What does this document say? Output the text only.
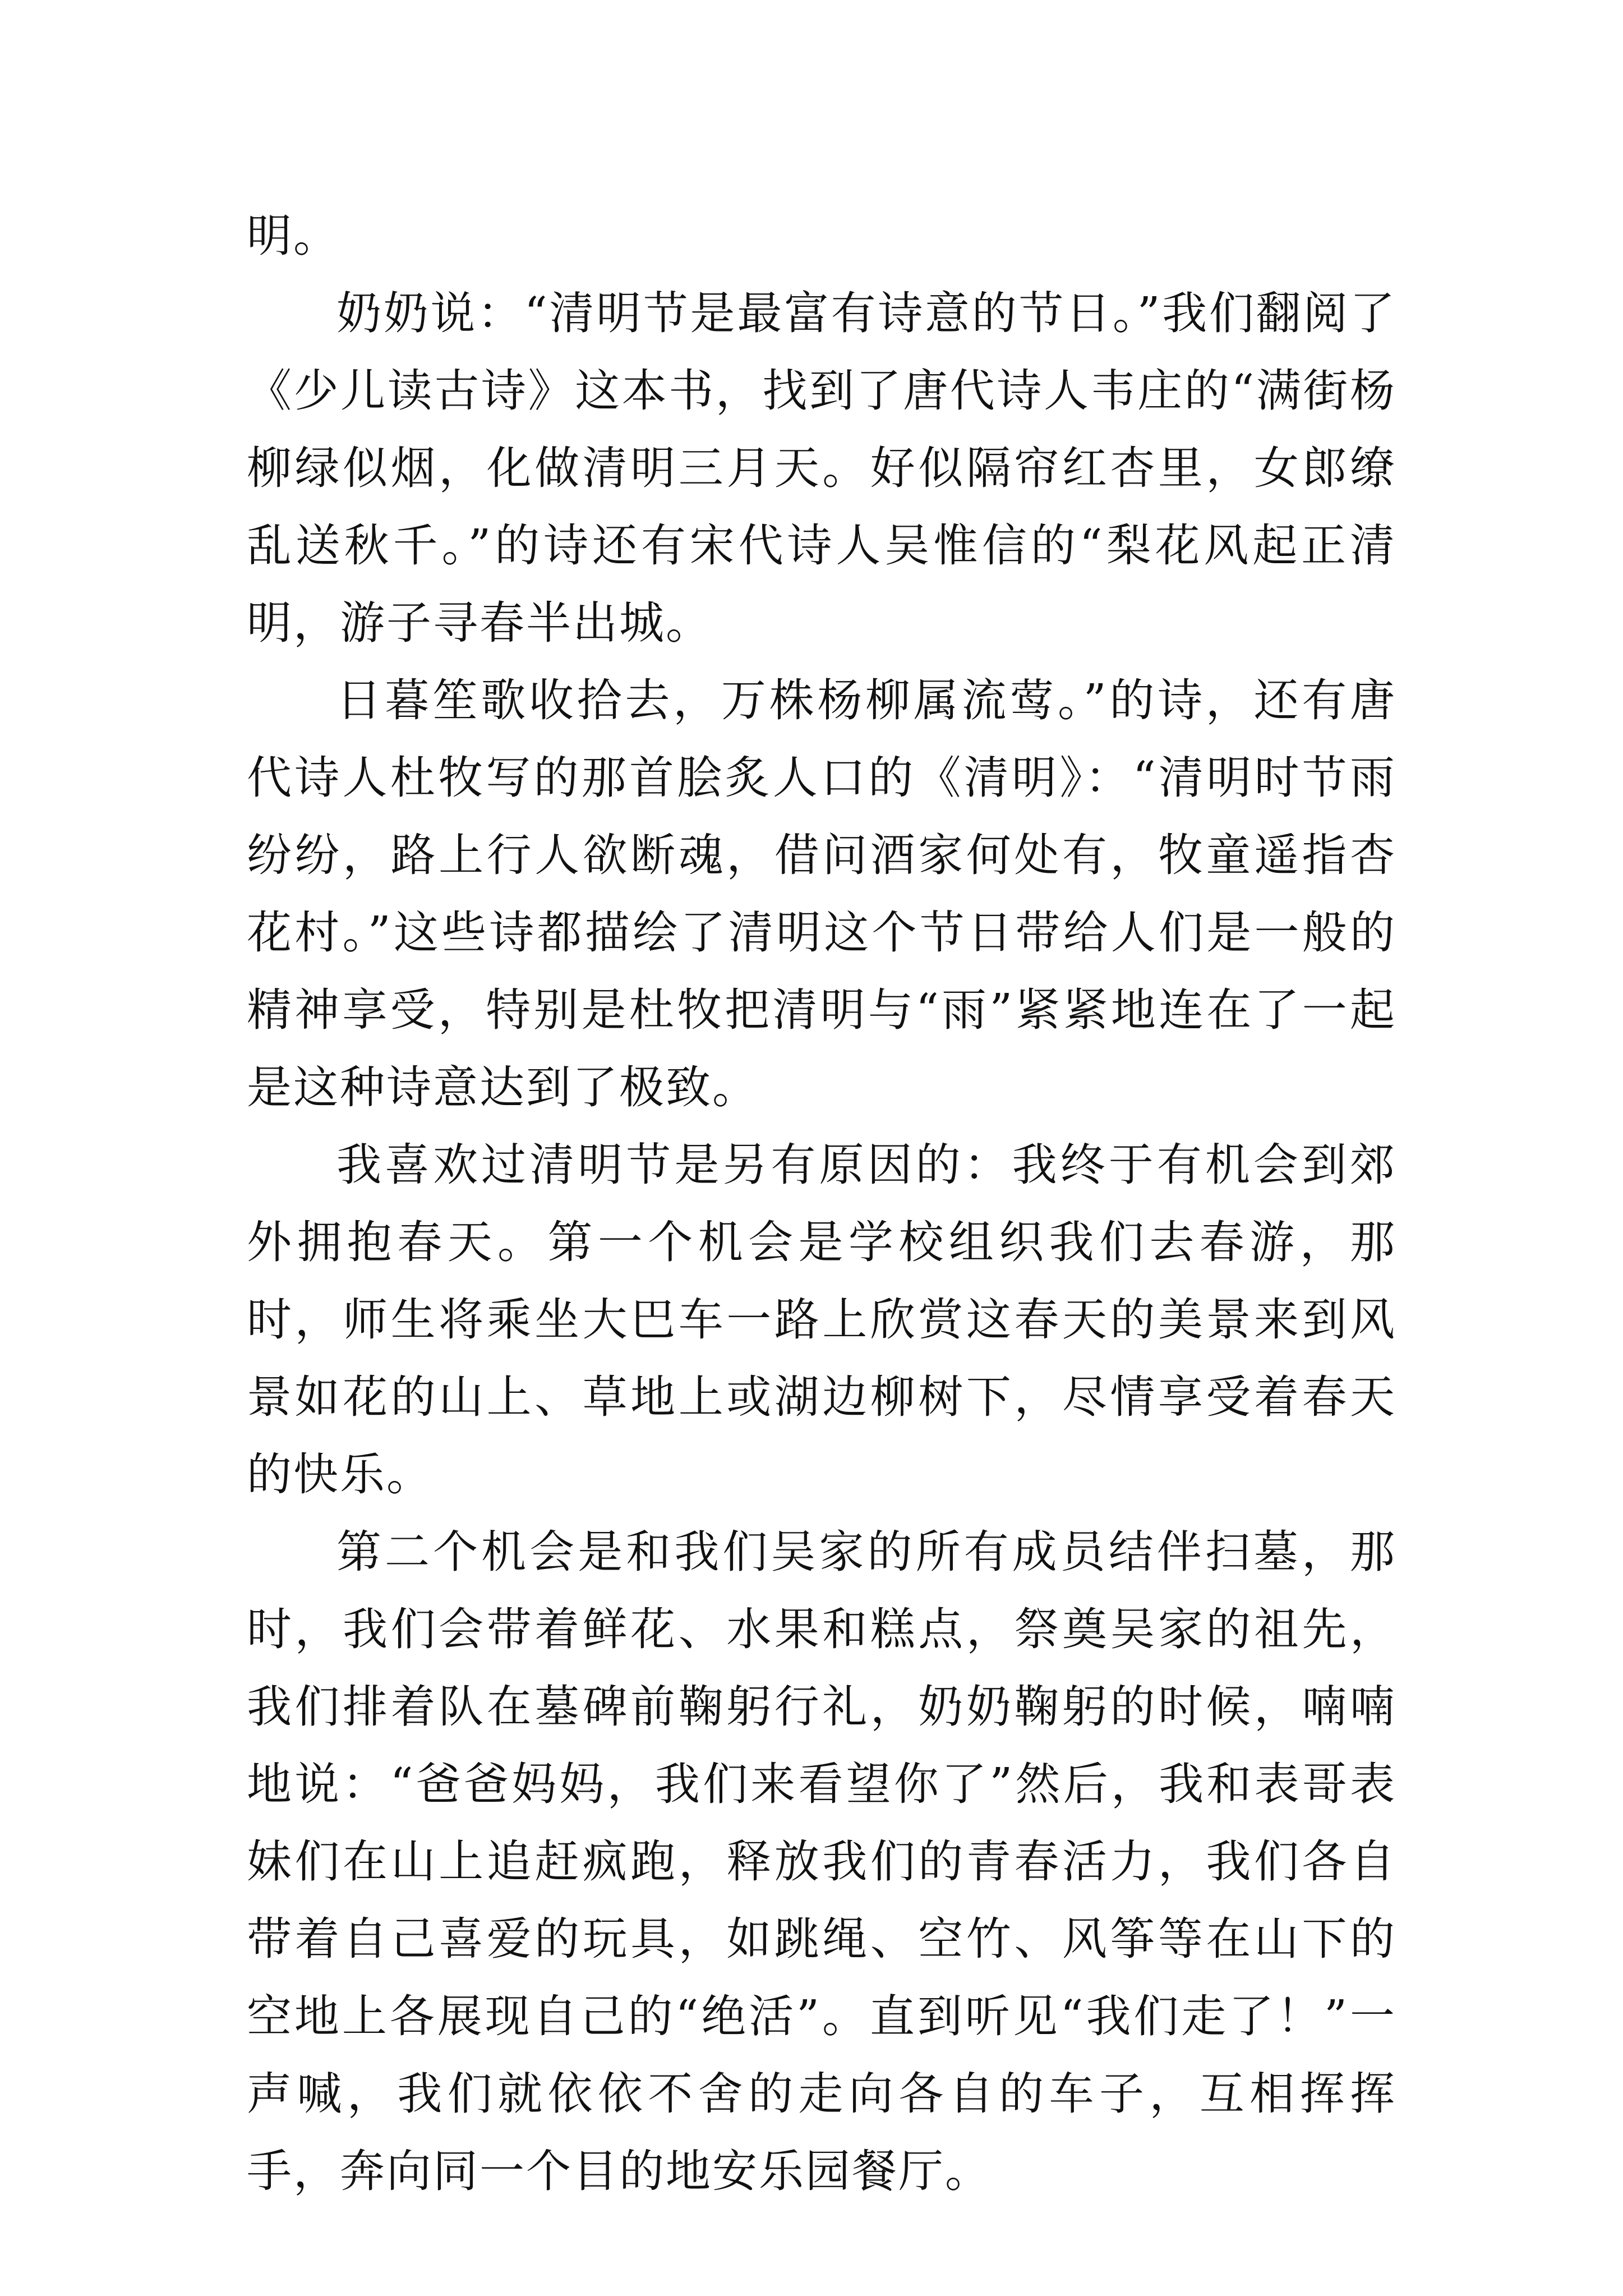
明。

奶奶说：“清明节是最富有诗意的节日。”我们翻阅了《少儿读古诗》这本书，找到了唐代诗人韦庄的“满街杨柳绿似烟，化做清明三月天。好似隔帘红杏里，女郎缭乱送秋千。”的诗还有宋代诗人吴惟信的“梨花风起正清明，游子寻春半出城。

日暮笙歌收拾去，万株杨柳属流莺。”的诗，还有唐代诗人杜牧写的那首脍炙人口的《清明》：“清明时节雨纷纷，路上行人欲断魂，借问酒家何处有，牧童遥指杏花村。”这些诗都描绘了清明这个节日带给人们是一般的精神享受，特别是杜牧把清明与“雨”紧紧地连在了一起是这种诗意达到了极致。

我喜欢过清明节是另有原因的：我终于有机会到郊外拥抱春天。第一个机会是学校组织我们去春游，那时，师生将乘坐大巴车一路上欣赏这春天的美景来到风景如花的山上、草地上或湖边柳树下，尽情享受着春天的快乐。

第二个机会是和我们吴家的所有成员结伴扫墓，那时，我们会带着鲜花、水果和糕点，祭奠吴家的祖先，我们排着队在墓碑前鞠躬行礼，奶奶鞠躬的时候，喃喃地说：“爸爸妈妈，我们来看望你了”然后，我和表哥表妹们在山上追赶疯跑，释放我们的青春活力，我们各自带着自己喜爱的玩具，如跳绳、空竹、风筝等在山下的空地上各展现自己的“绝活”。直到听见“我们走了！”一声喊，我们就依依不舍的走向各自的车子，互相挥挥手，奔向同一个目的地安乐园餐厅。
